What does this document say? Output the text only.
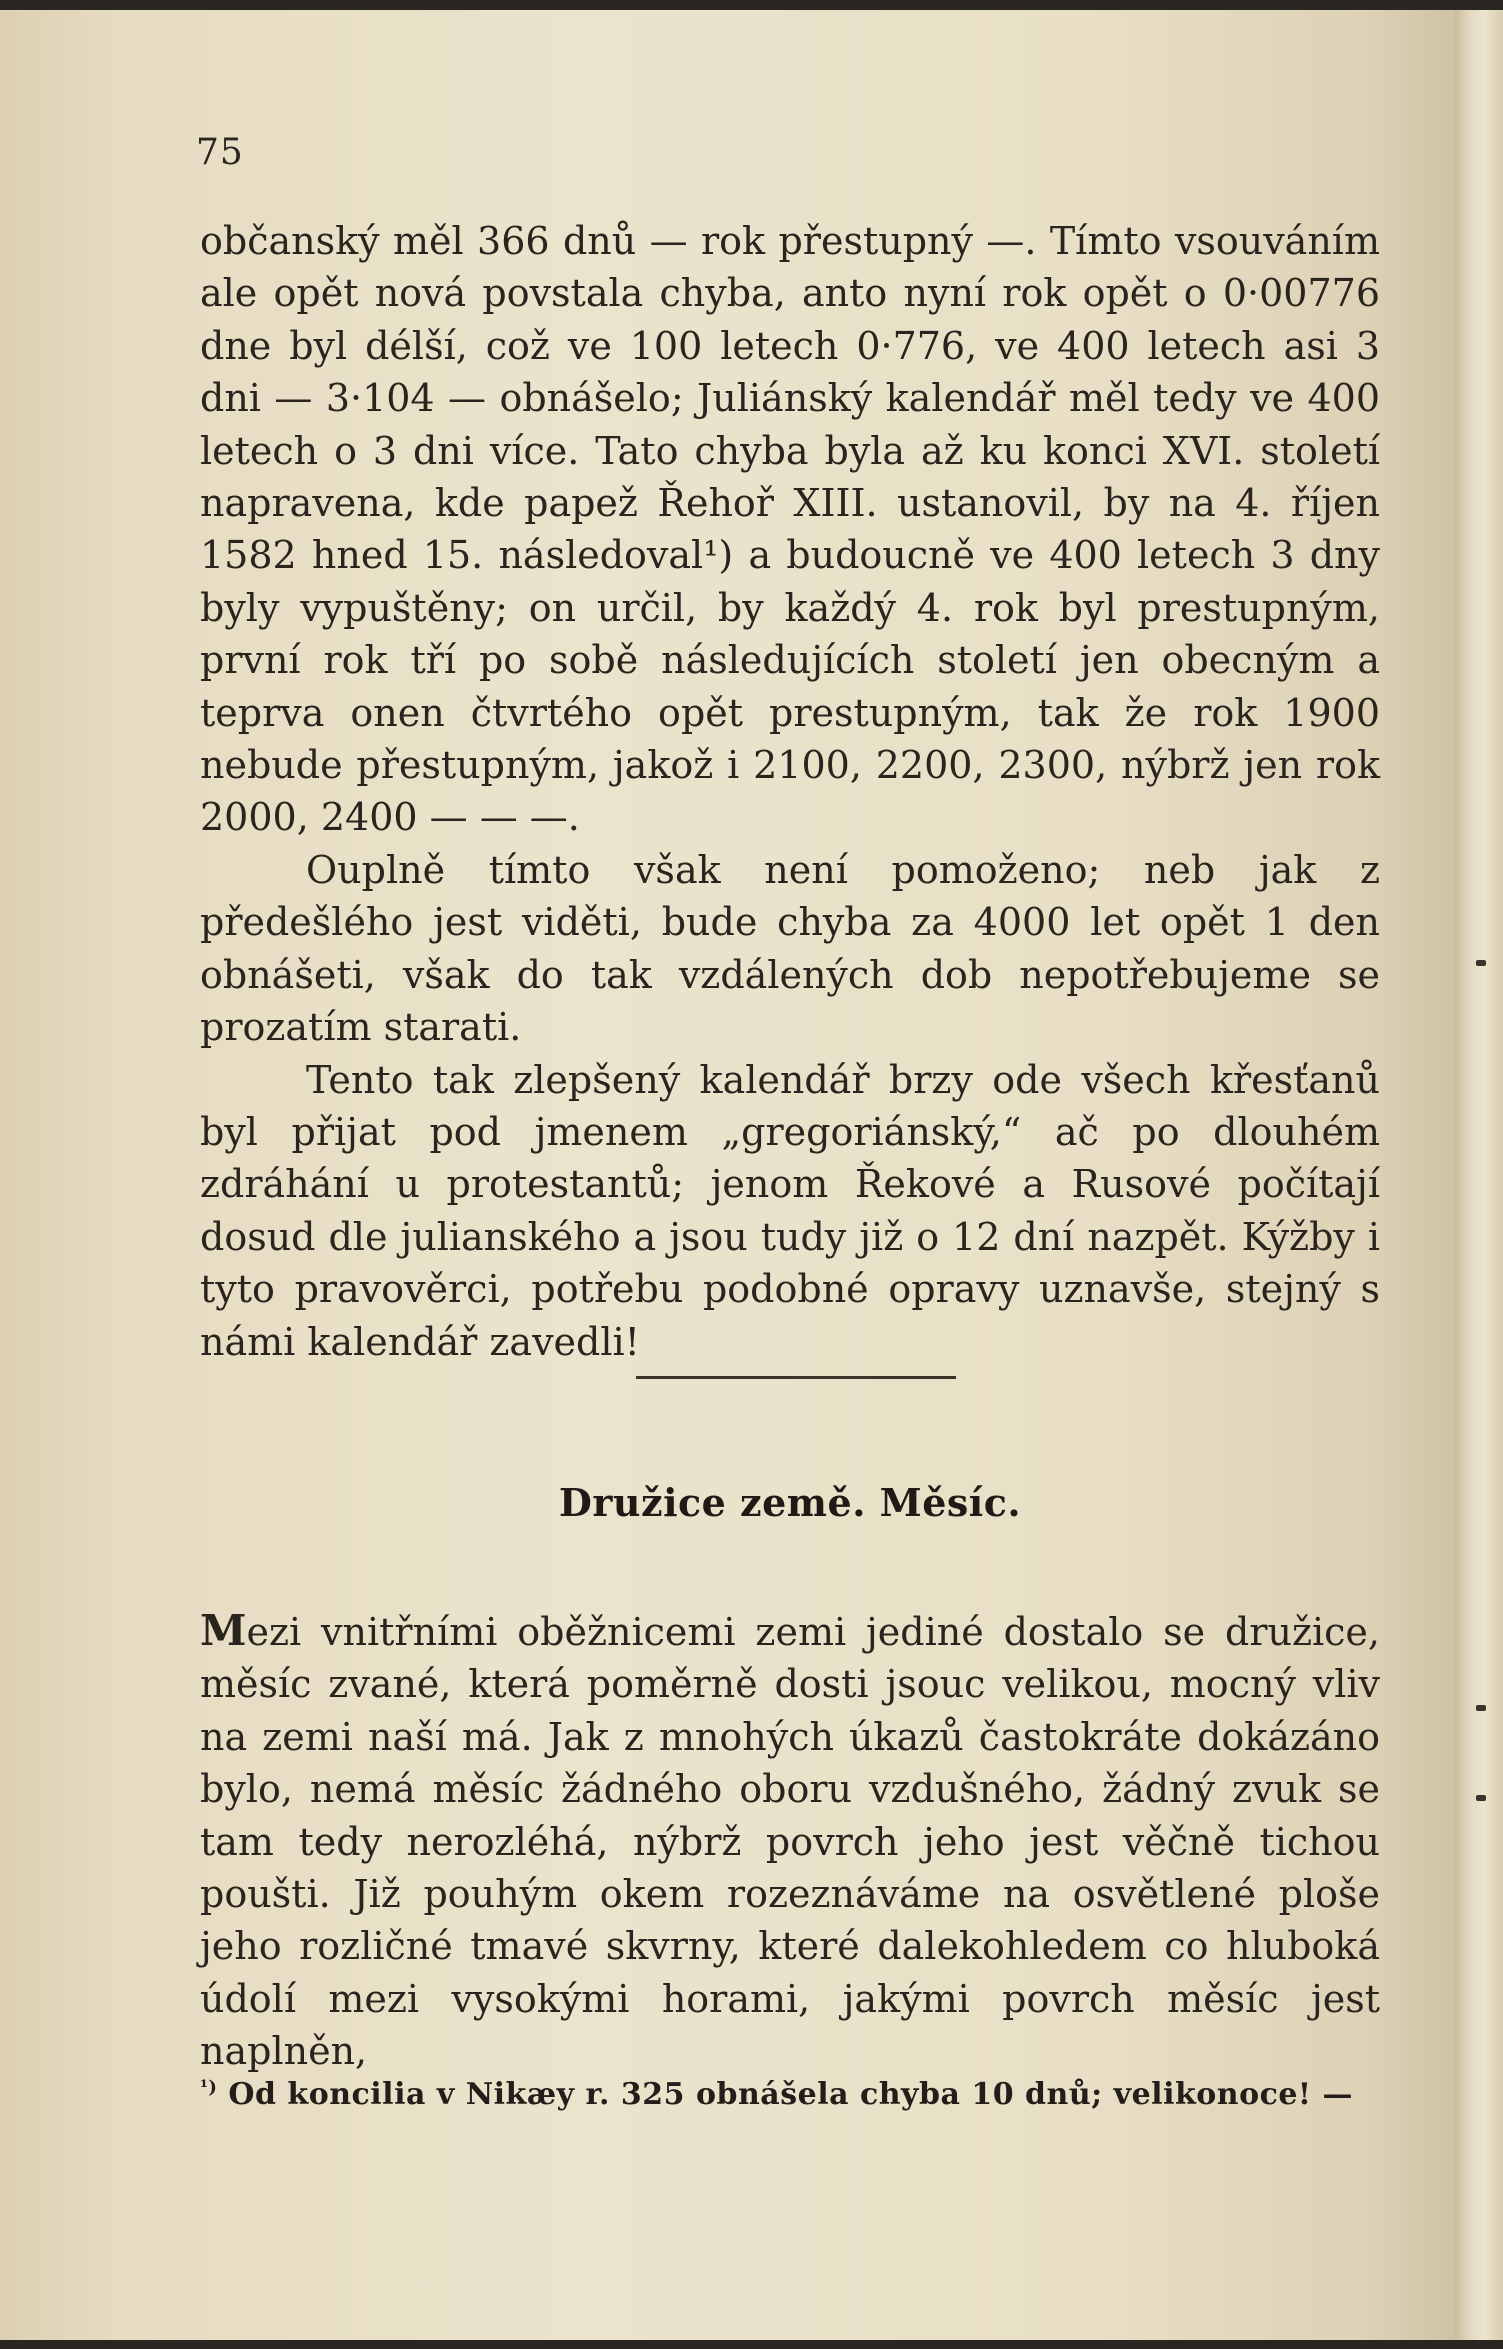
75

občanský měl 366 dnů — rok přestupný —. Tímto vsouváním ale opět nová povstala chyba, anto nyní rok opět o 0·00776 dne byl délší, což ve 100 letech 0·776, ve 400 letech asi 3 dni — 3·104 — obnášelo; Juliánský kalendář měl tedy ve 400 letech o 3 dni více. Tato chyba byla až ku konci XVI. století napravena, kde papež Řehoř XIII. ustanovil, by na 4. říjen 1582 hned 15. následoval¹) a budoucně ve 400 letech 3 dny byly vypuštěny; on určil, by každý 4. rok byl prestupným, první rok tří po sobě následujících století jen obecným a teprva onen čtvrtého opět prestupným, tak že rok 1900 nebude přestupným, jakož i 2100, 2200, 2300, nýbrž jen rok 2000, 2400 — — —.

Ouplně tímto však není pomoženo; neb jak z předešlého jest viděti, bude chyba za 4000 let opět 1 den obnášeti, však do tak vzdálených dob nepotřebujeme se prozatím starati.

Tento tak zlepšený kalendář brzy ode všech křesťanů byl přijat pod jmenem „gregoriánský,“ ač po dlouhém zdráhání u protestantů; jenom Řekové a Rusové počítají dosud dle julianského a jsou tudy již o 12 dní nazpět. Kýžby i tyto pravověrci, potřebu podobné opravy uznavše, stejný s námi kalendář zavedli!

Družice země. Měsíc.

Mezi vnitřními oběžnicemi zemi jediné dostalo se družice, měsíc zvané, která poměrně dosti jsouc velikou, mocný vliv na zemi naší má. Jak z mnohých úkazů častokráte dokázáno bylo, nemá měsíc žádného oboru vzdušného, žádný zvuk se tam tedy nerozléhá, nýbrž povrch jeho jest věčně tichou poušti. Již pouhým okem rozeznáváme na osvětlené ploše jeho rozličné tmavé skvrny, které dalekohledem co hluboká údolí mezi vysokými horami, jakými povrch měsíc jest naplněn,

$^{^1)}$ Od koncilia v Nikæy r. 325 obnášela chyba 10 dnů; velikonoce! —
